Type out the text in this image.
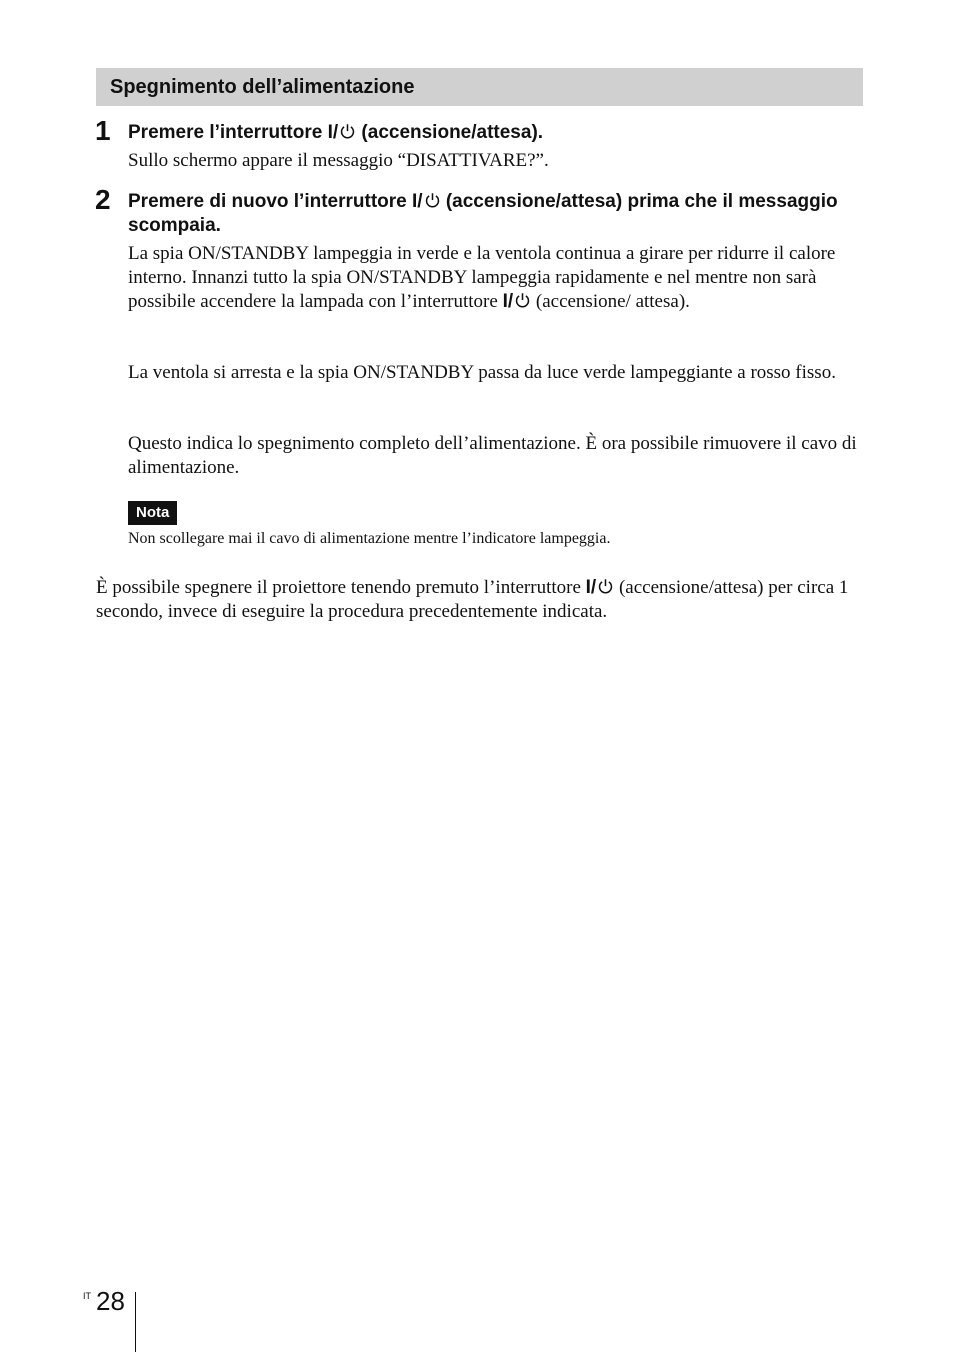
Spegnimento dell’alimentazione
1 Premere l’interruttore I/ (accensione/attesa).
Sullo schermo appare il messaggio “DISATTIVARE?”.
2 Premere di nuovo l’interruttore I/ (accensione/attesa) prima che il messaggio scompaia.
La spia ON/STANDBY lampeggia in verde e la ventola continua a girare per ridurre il calore interno. Innanzi tutto la spia ON/STANDBY lampeggia rapidamente e nel mentre non sarà possibile accendere la lampada con l’interruttore I/ (accensione/ attesa).
La ventola si arresta e la spia ON/STANDBY passa da luce verde lampeggiante a rosso fisso.
Questo indica lo spegnimento completo dell’alimentazione. È ora possibile rimuovere il cavo di alimentazione.
Nota
Non scollegare mai il cavo di alimentazione mentre l’indicatore lampeggia.
È possibile spegnere il proiettore tenendo premuto l’interruttore I/ (accensione/attesa) per circa 1 secondo, invece di eseguire la procedura precedentemente indicata.
IT 28
